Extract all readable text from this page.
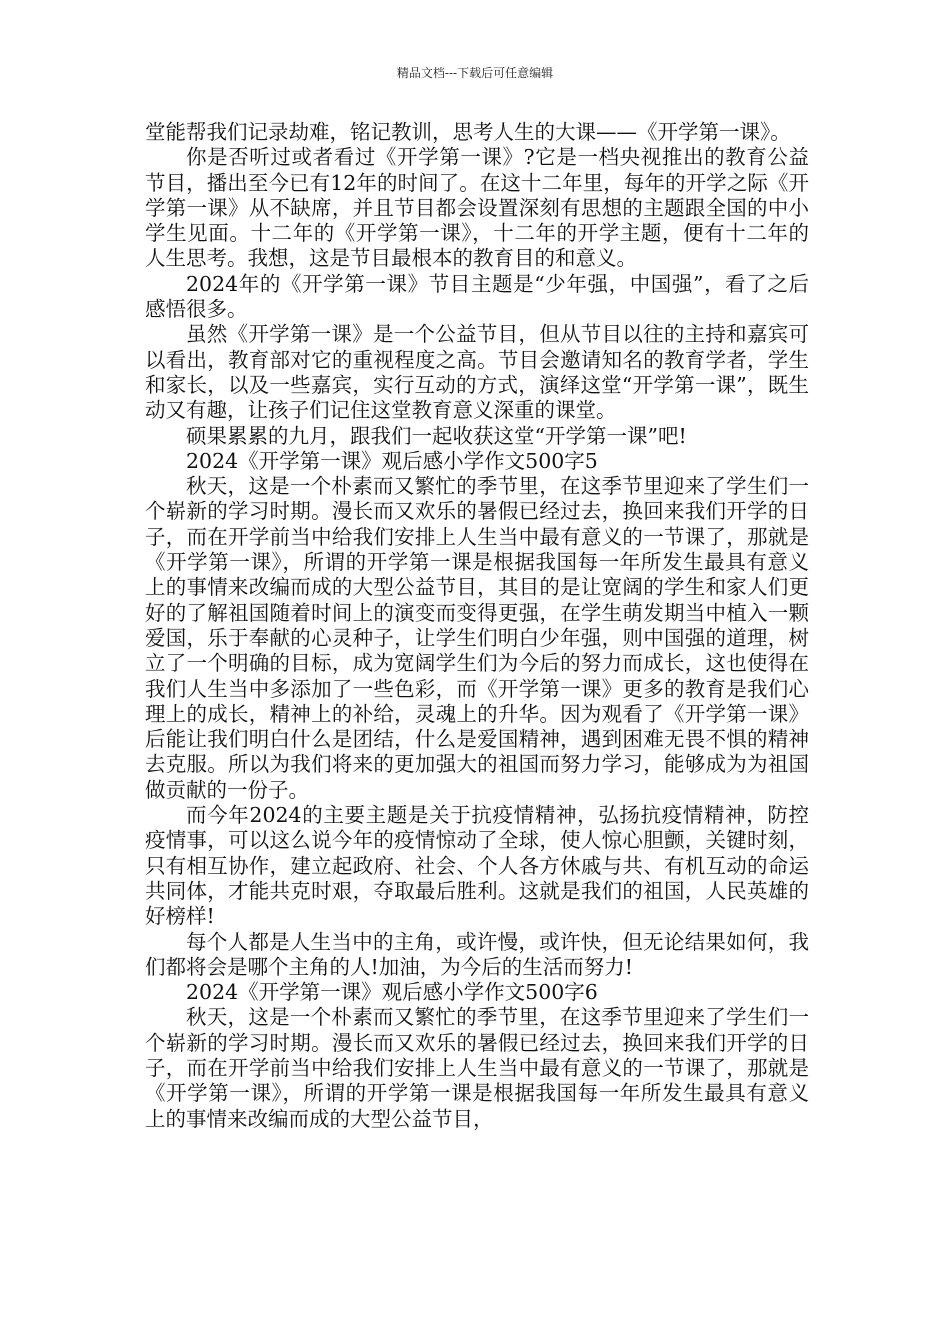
精品文档---下载后可任意编辑

堂能帮我们记录劫难，铭记教训，思考人生的大课——《开学第一课》。

你是否听过或者看过《开学第一课》?它是一档央视推出的教育公益节目，播出至今已有12年的时间了。在这十二年里，每年的开学之际《开学第一课》从不缺席，并且节目都会设置深刻有思想的主题跟全国的中小学生见面。十二年的《开学第一课》，十二年的开学主题，便有十二年的人生思考。我想，这是节目最根本的教育目的和意义。

2024年的《开学第一课》节目主题是“少年强，中国强”，看了之后感悟很多。

虽然《开学第一课》是一个公益节目，但从节目以往的主持和嘉宾可以看出，教育部对它的重视程度之高。节目会邀请知名的教育学者，学生和家长，以及一些嘉宾，实行互动的方式，演绎这堂“开学第一课”，既生动又有趣，让孩子们记住这堂教育意义深重的课堂。

硕果累累的九月，跟我们一起收获这堂“开学第一课”吧!

2024《开学第一课》观后感小学作文500字5

秋天，这是一个朴素而又繁忙的季节里，在这季节里迎来了学生们一个崭新的学习时期。漫长而又欢乐的暑假已经过去，换回来我们开学的日子，而在开学前当中给我们安排上人生当中最有意义的一节课了，那就是《开学第一课》，所谓的开学第一课是根据我国每一年所发生最具有意义上的事情来改编而成的大型公益节目，其目的是让宽阔的学生和家人们更好的了解祖国随着时间上的演变而变得更强，在学生萌发期当中植入一颗爱国，乐于奉献的心灵种子，让学生们明白少年强，则中国强的道理，树立了一个明确的目标，成为宽阔学生们为今后的努力而成长，这也使得在我们人生当中多添加了一些色彩，而《开学第一课》更多的教育是我们心理上的成长，精神上的补给，灵魂上的升华。因为观看了《开学第一课》后能让我们明白什么是团结，什么是爱国精神，遇到困难无畏不惧的精神去克服。所以为我们将来的更加强大的祖国而努力学习，能够成为为祖国做贡献的一份子。

而今年2024的主要主题是关于抗疫情精神，弘扬抗疫情精神，防控疫情事，可以这么说今年的疫情惊动了全球，使人惊心胆颤，关键时刻，只有相互协作，建立起政府、社会、个人各方休戚与共、有机互动的命运共同体，才能共克时艰，夺取最后胜利。这就是我们的祖国，人民英雄的好榜样!

每个人都是人生当中的主角，或许慢，或许快，但无论结果如何，我们都将会是哪个主角的人!加油，为今后的生活而努力!

2024《开学第一课》观后感小学作文500字6

秋天，这是一个朴素而又繁忙的季节里，在这季节里迎来了学生们一个崭新的学习时期。漫长而又欢乐的暑假已经过去，换回来我们开学的日子，而在开学前当中给我们安排上人生当中最有意义的一节课了，那就是《开学第一课》，所谓的开学第一课是根据我国每一年所发生最具有意义上的事情来改编而成的大型公益节目，
